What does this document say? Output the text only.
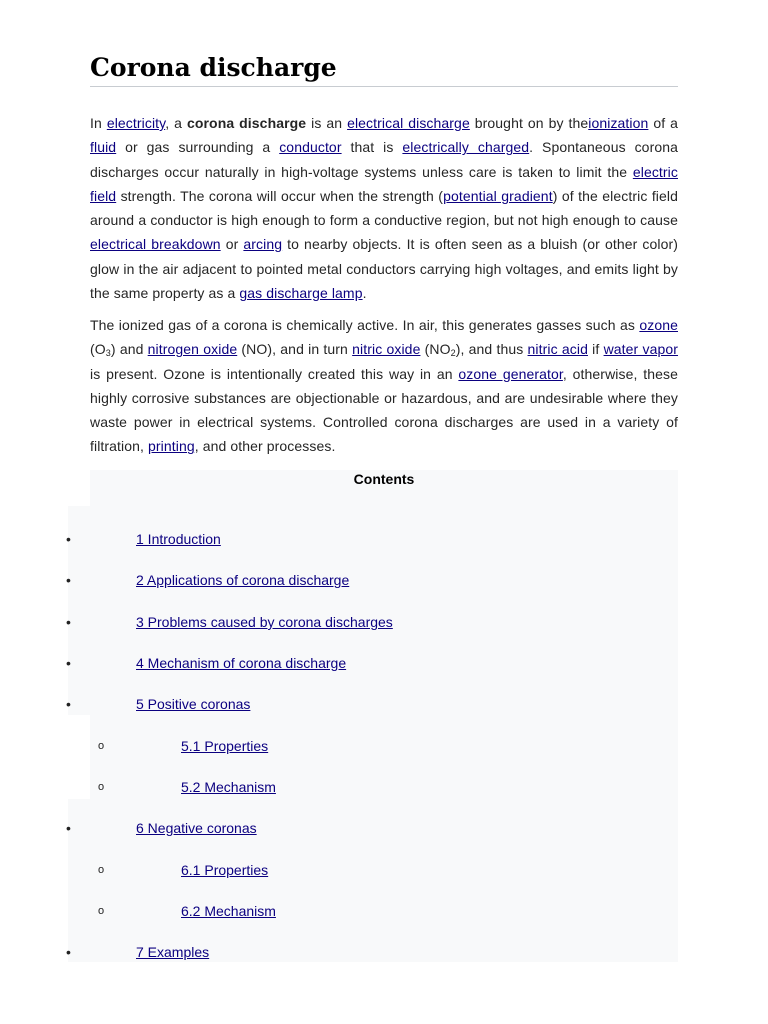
Corona discharge

In electricity, a corona discharge is an electrical discharge brought on by theionization of a fluid or gas surrounding a conductor that is electrically charged. Spontaneous corona discharges occur naturally in high-voltage systems unless care is taken to limit the electric field strength. The corona will occur when the strength (potential gradient) of the electric field around a conductor is high enough to form a conductive region, but not high enough to cause electrical breakdown or arcing to nearby objects. It is often seen as a bluish (or other color) glow in the air adjacent to pointed metal conductors carrying high voltages, and emits light by the same property as a gas discharge lamp.

The ionized gas of a corona is chemically active. In air, this generates gasses such as ozone $(O_3)$ and nitrogen oxide (NO), and in turn nitric oxide $(NO_2)$, and thus nitric acid if water vapor is present. Ozone is intentionally created this way in an ozone generator, otherwise, these highly corrosive substances are objectionable or hazardous, and are undesirable where they waste power in electrical systems. Controlled corona discharges are used in a variety of filtration, printing, and other processes.

Contents
•	1 Introduction
•	2 Applications of corona discharge
•	3 Problems caused by corona discharges
•	4 Mechanism of corona discharge
•	5 Positive coronas
o	5.1 Properties
o	5.2 Mechanism
•	6 Negative coronas
o	6.1 Properties
o	6.2 Mechanism
•	7 Examples
